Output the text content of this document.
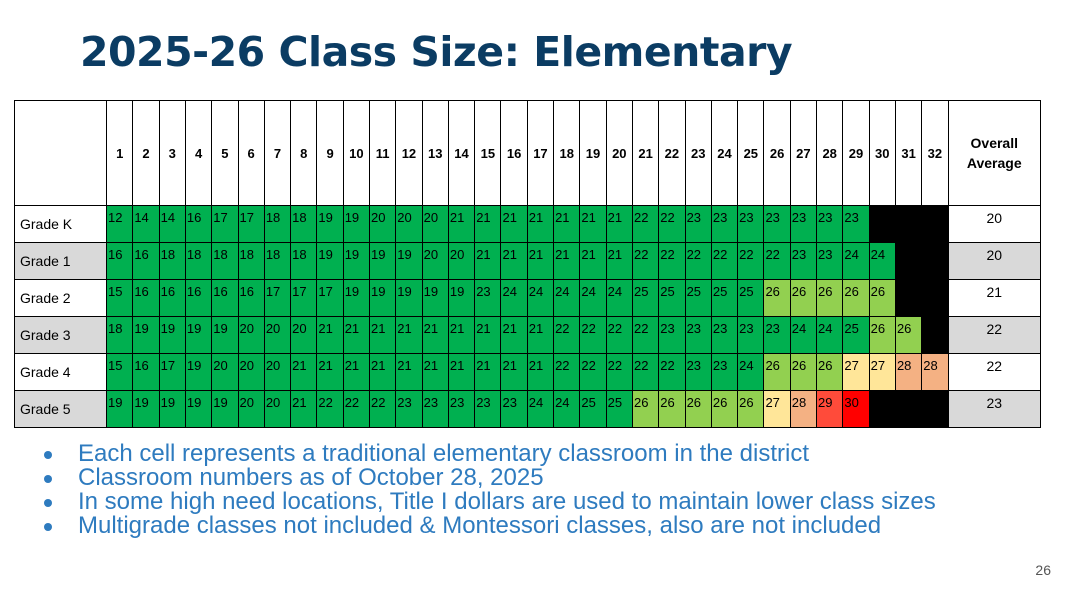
2025-26 Class Size: Elementary
	1	2	3	4	5	6	7	8	9	10	11	12	13	14	15	16	17	18	19	20	21	22	23	24	25	26	27	28	29	30	31	32	Overall Average
Grade K	12	14	14	16	17	17	18	18	19	19	20	20	20	21	21	21	21	21	21	21	22	22	23	23	23	23	23	23	23				20
Grade 1	16	16	18	18	18	18	18	18	19	19	19	19	20	20	21	21	21	21	21	21	22	22	22	22	22	22	23	23	24	24			20
Grade 2	15	16	16	16	16	16	17	17	17	19	19	19	19	19	23	24	24	24	24	24	25	25	25	25	25	26	26	26	26	26			21
Grade 3	18	19	19	19	19	20	20	20	21	21	21	21	21	21	21	21	21	22	22	22	22	23	23	23	23	23	24	24	25	26	26		22
Grade 4	15	16	17	19	20	20	20	21	21	21	21	21	21	21	21	21	21	22	22	22	22	22	23	23	24	26	26	26	27	27	28	28	22
Grade 5	19	19	19	19	19	20	20	21	22	22	22	23	23	23	23	23	24	24	25	25	26	26	26	26	26	27	28	29	30				23
Each cell represents a traditional elementary classroom in the district
Classroom numbers as of October 28, 2025
In some high need locations, Title I dollars are used to maintain lower class sizes
Multigrade classes not included & Montessori classes, also are not included
26
